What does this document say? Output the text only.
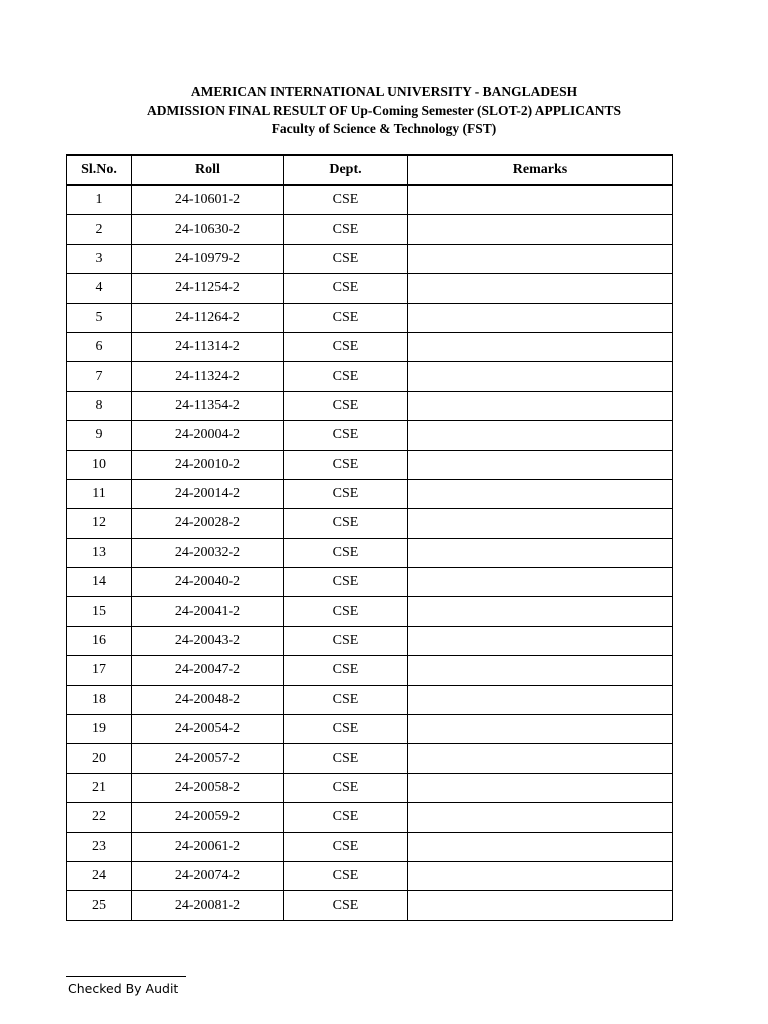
AMERICAN INTERNATIONAL UNIVERSITY - BANGLADESH
ADMISSION FINAL RESULT OF Up-Coming Semester (SLOT-2) APPLICANTS
Faculty of Science & Technology (FST)
Sl.No.	Roll	Dept.	Remarks
1	24-10601-2	CSE	
2	24-10630-2	CSE	
3	24-10979-2	CSE	
4	24-11254-2	CSE	
5	24-11264-2	CSE	
6	24-11314-2	CSE	
7	24-11324-2	CSE	
8	24-11354-2	CSE	
9	24-20004-2	CSE	
10	24-20010-2	CSE	
11	24-20014-2	CSE	
12	24-20028-2	CSE	
13	24-20032-2	CSE	
14	24-20040-2	CSE	
15	24-20041-2	CSE	
16	24-20043-2	CSE	
17	24-20047-2	CSE	
18	24-20048-2	CSE	
19	24-20054-2	CSE	
20	24-20057-2	CSE	
21	24-20058-2	CSE	
22	24-20059-2	CSE	
23	24-20061-2	CSE	
24	24-20074-2	CSE	
25	24-20081-2	CSE	
Checked By Audit
